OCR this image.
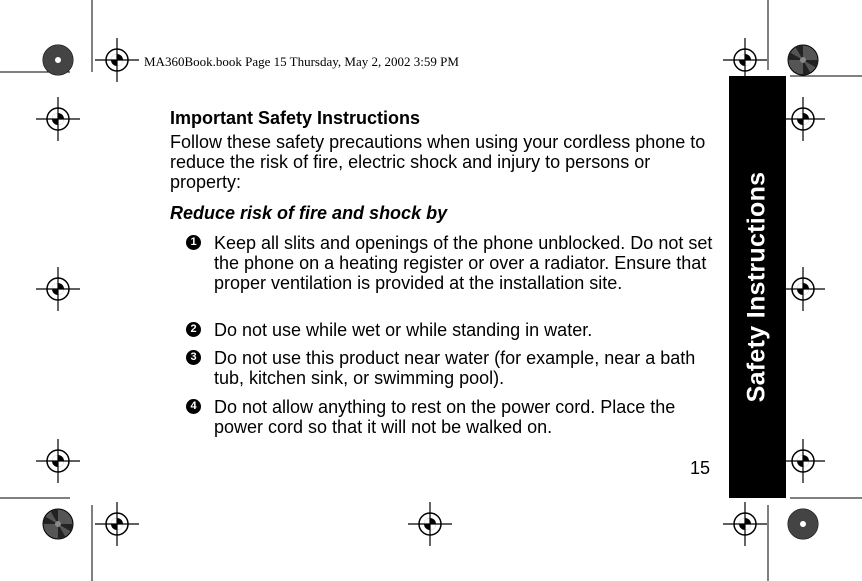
MA360Book.book Page 15 Thursday, May 2, 2002 3:59 PM
Safety Instructions
Important Safety Instructions
Follow these safety precautions when using your cordless phone to reduce the risk of fire, electric shock and injury to persons or property:
Reduce risk of fire and shock by
1 Keep all slits and openings of the phone unblocked. Do not set the phone on a heating register or over a radiator. Ensure that proper ventilation is provided at the installation site.
2 Do not use while wet or while standing in water.
3 Do not use this product near water (for example, near a bath tub, kitchen sink, or swimming pool).
4 Do not allow anything to rest on the power cord. Place the power cord so that it will not be walked on.
15
